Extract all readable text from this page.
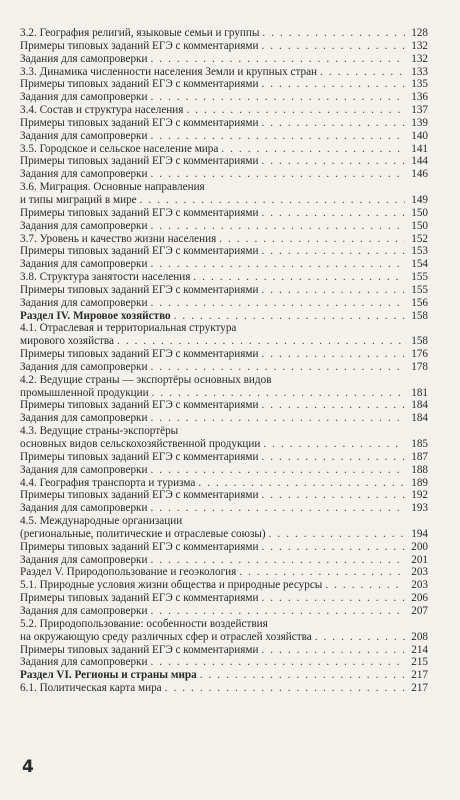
3.2. География религий, языковые семьи и группы . . .	128
Примеры типовых заданий ЕГЭ с комментариями . . .	132
Задания для самопроверки . . .	132
3.3. Динамика численности населения Земли и крупных стран . . .	133
Примеры типовых заданий ЕГЭ с комментариями . . .	135
Задания для самопроверки . . .	136
3.4. Состав и структура населения . . .	137
Примеры типовых заданий ЕГЭ с комментариями . . .	139
Задания для самопроверки . . .	140
3.5. Городское и сельское население мира . . .	141
Примеры типовых заданий ЕГЭ с комментариями . . .	144
Задания для самопроверки . . .	146
3.6. Миграция. Основные направления
и типы миграций в мире . . .	149
Примеры типовых заданий ЕГЭ с комментариями . . .	150
Задания для самопроверки . . .	150
3.7. Уровень и качество жизни населения . . .	152
Примеры типовых заданий ЕГЭ с комментариями . . .	153
Задания для самопроверки . . .	154
3.8. Структура занятости населения . . .	155
Примеры типовых заданий ЕГЭ с комментариями . . .	155
Задания для самопроверки . . .	156
Раздел IV. Мировое хозяйство . . .	158
4.1. Отраслевая и территориальная структура
мирового хозяйства . . .	158
Примеры типовых заданий ЕГЭ с комментариями . . .	176
Задания для самопроверки . . .	178
4.2. Ведущие страны — экспортёры основных видов
промышленной продукции . . .	181
Примеры типовых заданий ЕГЭ с комментариями . . .	184
Задания для самопроверки . . .	184
4.3. Ведущие страны-экспортёры
основных видов сельскохозяйственной продукции . . .	185
Примеры типовых заданий ЕГЭ с комментариями . . .	187
Задания для самопроверки . . .	188
4.4. География транспорта и туризма . . .	189
Примеры типовых заданий ЕГЭ с комментариями . . .	192
Задания для самопроверки . . .	193
4.5. Международные организации
(региональные, политические и отраслевые союзы) . . .	194
Примеры типовых заданий ЕГЭ с комментариями . . .	200
Задания для самопроверки . . .	201
Раздел V. Природопользование и геоэкология . . .	203
5.1. Природные условия жизни общества и природные ресурсы . . .	203
Примеры типовых заданий ЕГЭ с комментариями . . .	206
Задания для самопроверки . . .	207
5.2. Природопользование: особенности воздействия
на окружающую среду различных сфер и отраслей хозяйства . . .	208
Примеры типовых заданий ЕГЭ с комментариями . . .	214
Задания для самопроверки . . .	215
Раздел VI. Регионы и страны мира . . .	217
6.1. Политическая карта мира . . .	217
4
